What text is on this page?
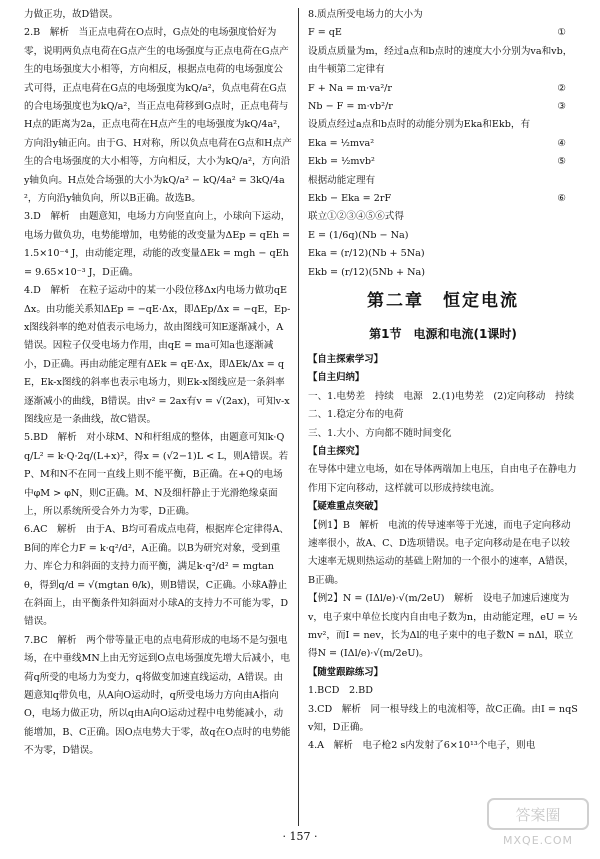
力做正功，故D错误。

2.B　解析　当正点电荷在O点时，G点处的电场强度恰好为零，说明两负点电荷在G点产生的电场强度与正点电荷在G点产生的电场强度大小相等，方向相反，根据点电荷的电场强度公式可得，正点电荷在G点的电场强度为kQ/a²，负点电荷在G点的合电场强度也为kQ/a²，当正点电荷移到G点时，正点电荷与H点的距离为2a，正点电荷在H点产生的电场强度为kQ/4a²，方向沿y轴正向。由于G、H对称，所以负点电荷在G点和H点产生的合电场强度的大小相等，方向相反，大小为kQ/a²，方向沿y轴负向。H点处合场强的大小为kQ/a² − kQ/4a² = 3kQ/4a²，方向沿y轴负向，所以B正确。故选B。

3.D　解析　由题意知，电场力方向竖直向上，小球向下运动，电场力做负功，电势能增加，电势能的改变量为ΔEp = qEh = 1.5×10⁻⁴ J，由动能定理，动能的改变量ΔEk = mgh − qEh = 9.65×10⁻³ J，D正确。

4.D　解析　在粒子运动中的某一小段位移Δx内电场力做功qEΔx。由功能关系知ΔEp = −qE·Δx，即ΔEp/Δx = −qE，Ep-x图线斜率的绝对值表示电场力，故由图线可知E逐渐减小，A错误。因粒子仅受电场力作用，由qE = ma可知a也逐渐减小，D正确。再由动能定理有ΔEk = qE·Δx，即ΔEk/Δx = qE，Ek-x图线的斜率也表示电场力，则Ek-x图线应是一条斜率逐渐减小的曲线，B错误。由v² = 2ax有v = √(2ax)，可知v-x图线应是一条曲线，故C错误。

5.BD　解析　对小球M、N和杆组成的整体，由题意可知k·Qq/L² = k·Q·2q/(L+x)²，得x = (√2−1)L < L，则A错误。若P、M和N不在同一直线上则不能平衡，B正确。在+Q的电场中φM > φN，则C正确。M、N及细杆静止于光滑绝缘桌面上，所以系统所受合外力为零，D正确。

6.AC　解析　由于A、B均可看成点电荷，根据库仑定律得A、B间的库仑力F = k·q²/d²，A正确。以B为研究对象，受到重力、库仑力和斜面的支持力而平衡，满足k·q²/d² = mgtan θ，得到q/d = √(mgtan θ/k)，则B错误，C正确。小球A静止在斜面上，由平衡条件知斜面对小球A的支持力不可能为零，D错误。

7.BC　解析　两个带等量正电的点电荷形成的电场不是匀强电场，在中垂线MN上由无穷远到O点电场强度先增大后减小，电荷q所受的电场力为变力，q将做变加速直线运动，A错误。由题意知q带负电，从A向O运动时，q所受电场力方向由A指向O，电场力做正功，所以q由A向O运动过程中电势能减小，动能增加，B、C正确。因O点电势大于零，故q在O点时的电势能不为零，D错误。

8.质点所受电场力的大小为

F = qE	①

设质点质量为m，经过a点和b点时的速度大小分别为va和vb，由牛顿第二定律有

F + Na = m·va²/r	②
Nb − F = m·vb²/r	③

设质点经过a点和b点时的动能分别为Eka和Ekb，有

Eka = ½mva²	④
Ekb = ½mvb²	⑤

根据动能定理有

Ekb − Eka = 2rF	⑥

联立①②③④⑤⑥式得

E = (1/6q)(Nb − Na)

Eka = (r/12)(Nb + 5Na)

Ekb = (r/12)(5Nb + Na)

第二章　恒定电流
第1节　电源和电流(1课时)

【自主探索学习】

【自主归纳】

一、1.电势差　持续　电源　2.(1)电势差　(2)定向移动　持续

二、1.稳定分布的电荷

三、1.大小、方向都不随时间变化

【自主探究】

在导体中建立电场，如在导体两端加上电压，自由电子在静电力作用下定向移动，这样就可以形成持续电流。

【疑难重点突破】

【例1】B　解析　电流的传导速率等于光速，而电子定向移动速率很小，故A、C、D选项错误。电子定向移动是在电子以较大速率无规则热运动的基础上附加的一个很小的速率，A错误，B正确。

【例2】N = (IΔl/e)·√(m/2eU)　解析　设电子加速后速度为v，电子束中单位长度内自由电子数为n，由动能定理，eU = ½mv²，而I = nev，长为Δl的电子束中的电子数N = nΔl，联立得N = (IΔl/e)·√(m/2eU)。

【随堂跟踪练习】

1.BCD　2.BD

3.CD　解析　同一根导线上的电流相等，故C正确。由I = nqSv知，D正确。

4.A　解析　电子枪2 s内发射了6×10¹³个电子，则电

· 157 ·
答案圈
MXQE.COM
